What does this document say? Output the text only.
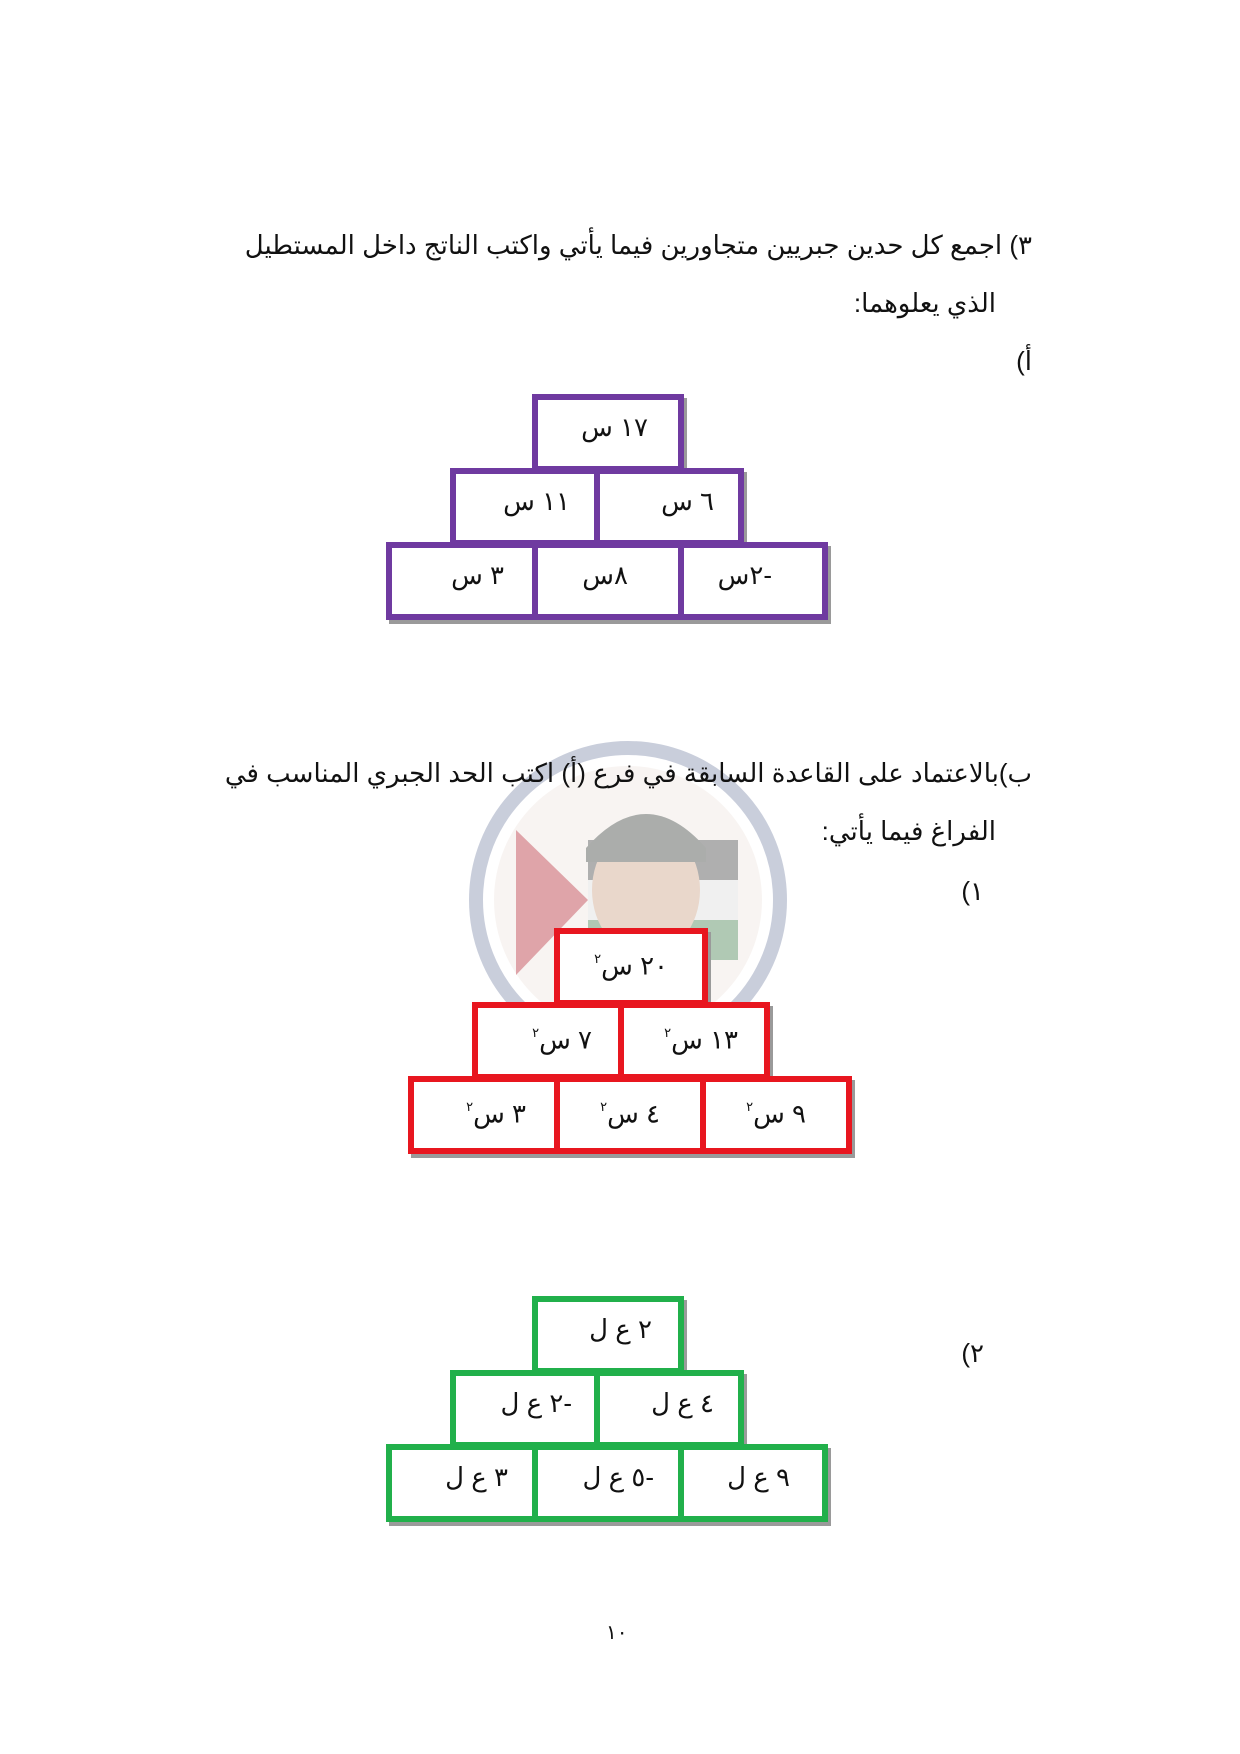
٣) اجمع كل حدين جبريين متجاورين فيما يأتي واكتب الناتج داخل المستطيل
الذي يعلوهما:
أ)
١٧ س
١١ س	٦ س
٣ س	٨س	-٢س
ب)بالاعتماد على القاعدة السابقة في فرع (أ) اكتب الحد الجبري المناسب في
الفراغ فيما يأتي:
١)
٢٠ س$^٢$
٧ س$^٢$	١٣ س$^٢$
٣ س$^٢$	٤ س$^٢$	٩ س$^٢$
٢)
٢ ع ل
-٢ ع ل	٤ ع ل
٣ ع ل	-٥ ع ل	٩ ع ل
١٠
